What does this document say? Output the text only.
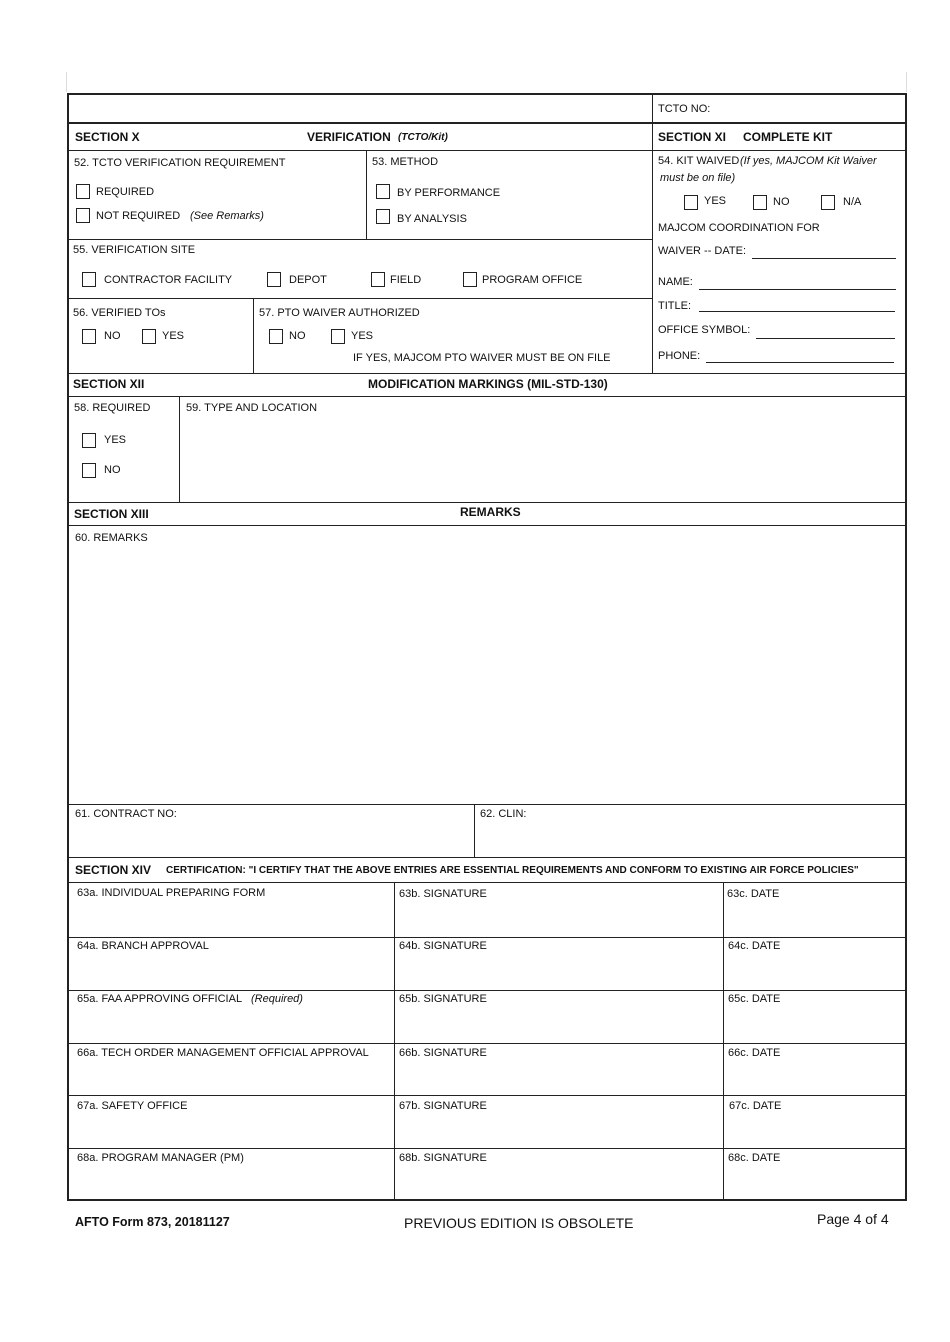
TCTO NO:
SECTION X	VERIFICATION (TCTO/Kit)	SECTION XI COMPLETE KIT
52. TCTO VERIFICATION REQUIREMENT
REQUIRED
NOT REQUIRED (See Remarks)
53. METHOD
BY PERFORMANCE
BY ANALYSIS
55. VERIFICATION SITE
CONTRACTOR FACILITY	DEPOT	FIELD	PROGRAM OFFICE
56. VERIFIED TOs
NO	YES
57. PTO WAIVER AUTHORIZED
NO	YES
IF YES, MAJCOM PTO WAIVER MUST BE ON FILE
54. KIT WAIVED (If yes, MAJCOM Kit Waiver
must be on file)
YES	NO	N/A
MAJCOM COORDINATION FOR
WAIVER -- DATE:
NAME:
TITLE:
OFFICE SYMBOL:
PHONE:
SECTION XII	MODIFICATION MARKINGS (MIL-STD-130)
58. REQUIRED
YES
NO
59. TYPE AND LOCATION
SECTION XIII	REMARKS
60. REMARKS
61. CONTRACT NO:	62. CLIN:
SECTION XIV CERTIFICATION: "I CERTIFY THAT THE ABOVE ENTRIES ARE ESSENTIAL REQUIREMENTS AND CONFORM TO EXISTING AIR FORCE POLICIES"
63a. INDIVIDUAL PREPARING FORM	63b. SIGNATURE	63c. DATE
64a. BRANCH APPROVAL	64b. SIGNATURE	64c. DATE
65a. FAA APPROVING OFFICIAL (Required)	65b. SIGNATURE	65c. DATE
66a. TECH ORDER MANAGEMENT OFFICIAL APPROVAL	66b. SIGNATURE	66c. DATE
67a. SAFETY OFFICE	67b. SIGNATURE	67c. DATE
68a. PROGRAM MANAGER (PM)	68b. SIGNATURE	68c. DATE
AFTO Form 873, 20181127	PREVIOUS EDITION IS OBSOLETE	Page 4 of 4
